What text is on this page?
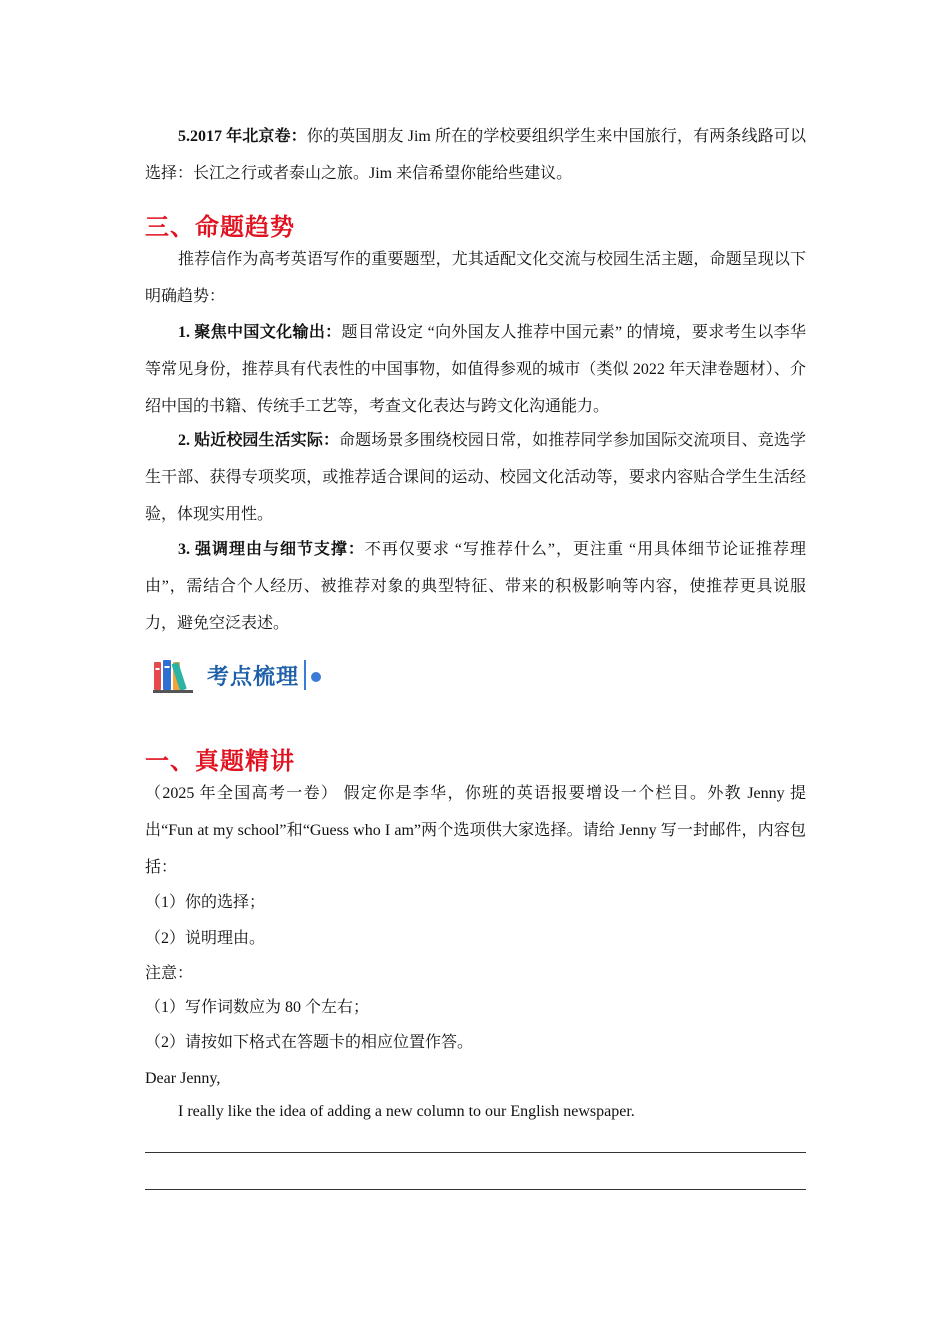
5.2017 年北京卷：你的英国朋友 Jim 所在的学校要组织学生来中国旅行，有两条线路可以选择：长江之行或者泰山之旅。Jim 来信希望你能给些建议。
三、命题趋势
推荐信作为高考英语写作的重要题型，尤其适配文化交流与校园生活主题，命题呈现以下明确趋势：
1. 聚焦中国文化输出：题目常设定 “向外国友人推荐中国元素” 的情境，要求考生以李华等常见身份，推荐具有代表性的中国事物，如值得参观的城市（类似 2022 年天津卷题材）、介绍中国的书籍、传统手工艺等，考查文化表达与跨文化沟通能力。
2. 贴近校园生活实际：命题场景多围绕校园日常，如推荐同学参加国际交流项目、竞选学生干部、获得专项奖项，或推荐适合课间的运动、校园文化活动等，要求内容贴合学生生活经验，体现实用性。
3. 强调理由与细节支撑：不再仅要求 “写推荐什么”，更注重 “用具体细节论证推荐理由”，需结合个人经历、被推荐对象的典型特征、带来的积极影响等内容，使推荐更具说服力，避免空泛表述。
考点梳理
一、真题精讲
（2025 年全国高考一卷） 假定你是李华，你班的英语报要增设一个栏目。外教 Jenny 提出“Fun at my school”和“Guess who I am”两个选项供大家选择。请给 Jenny 写一封邮件，内容包括：
（1）你的选择；
（2）说明理由。
注意：
（1）写作词数应为 80 个左右；
（2）请按如下格式在答题卡的相应位置作答。
Dear Jenny,
I really like the idea of adding a new column to our English newspaper.
